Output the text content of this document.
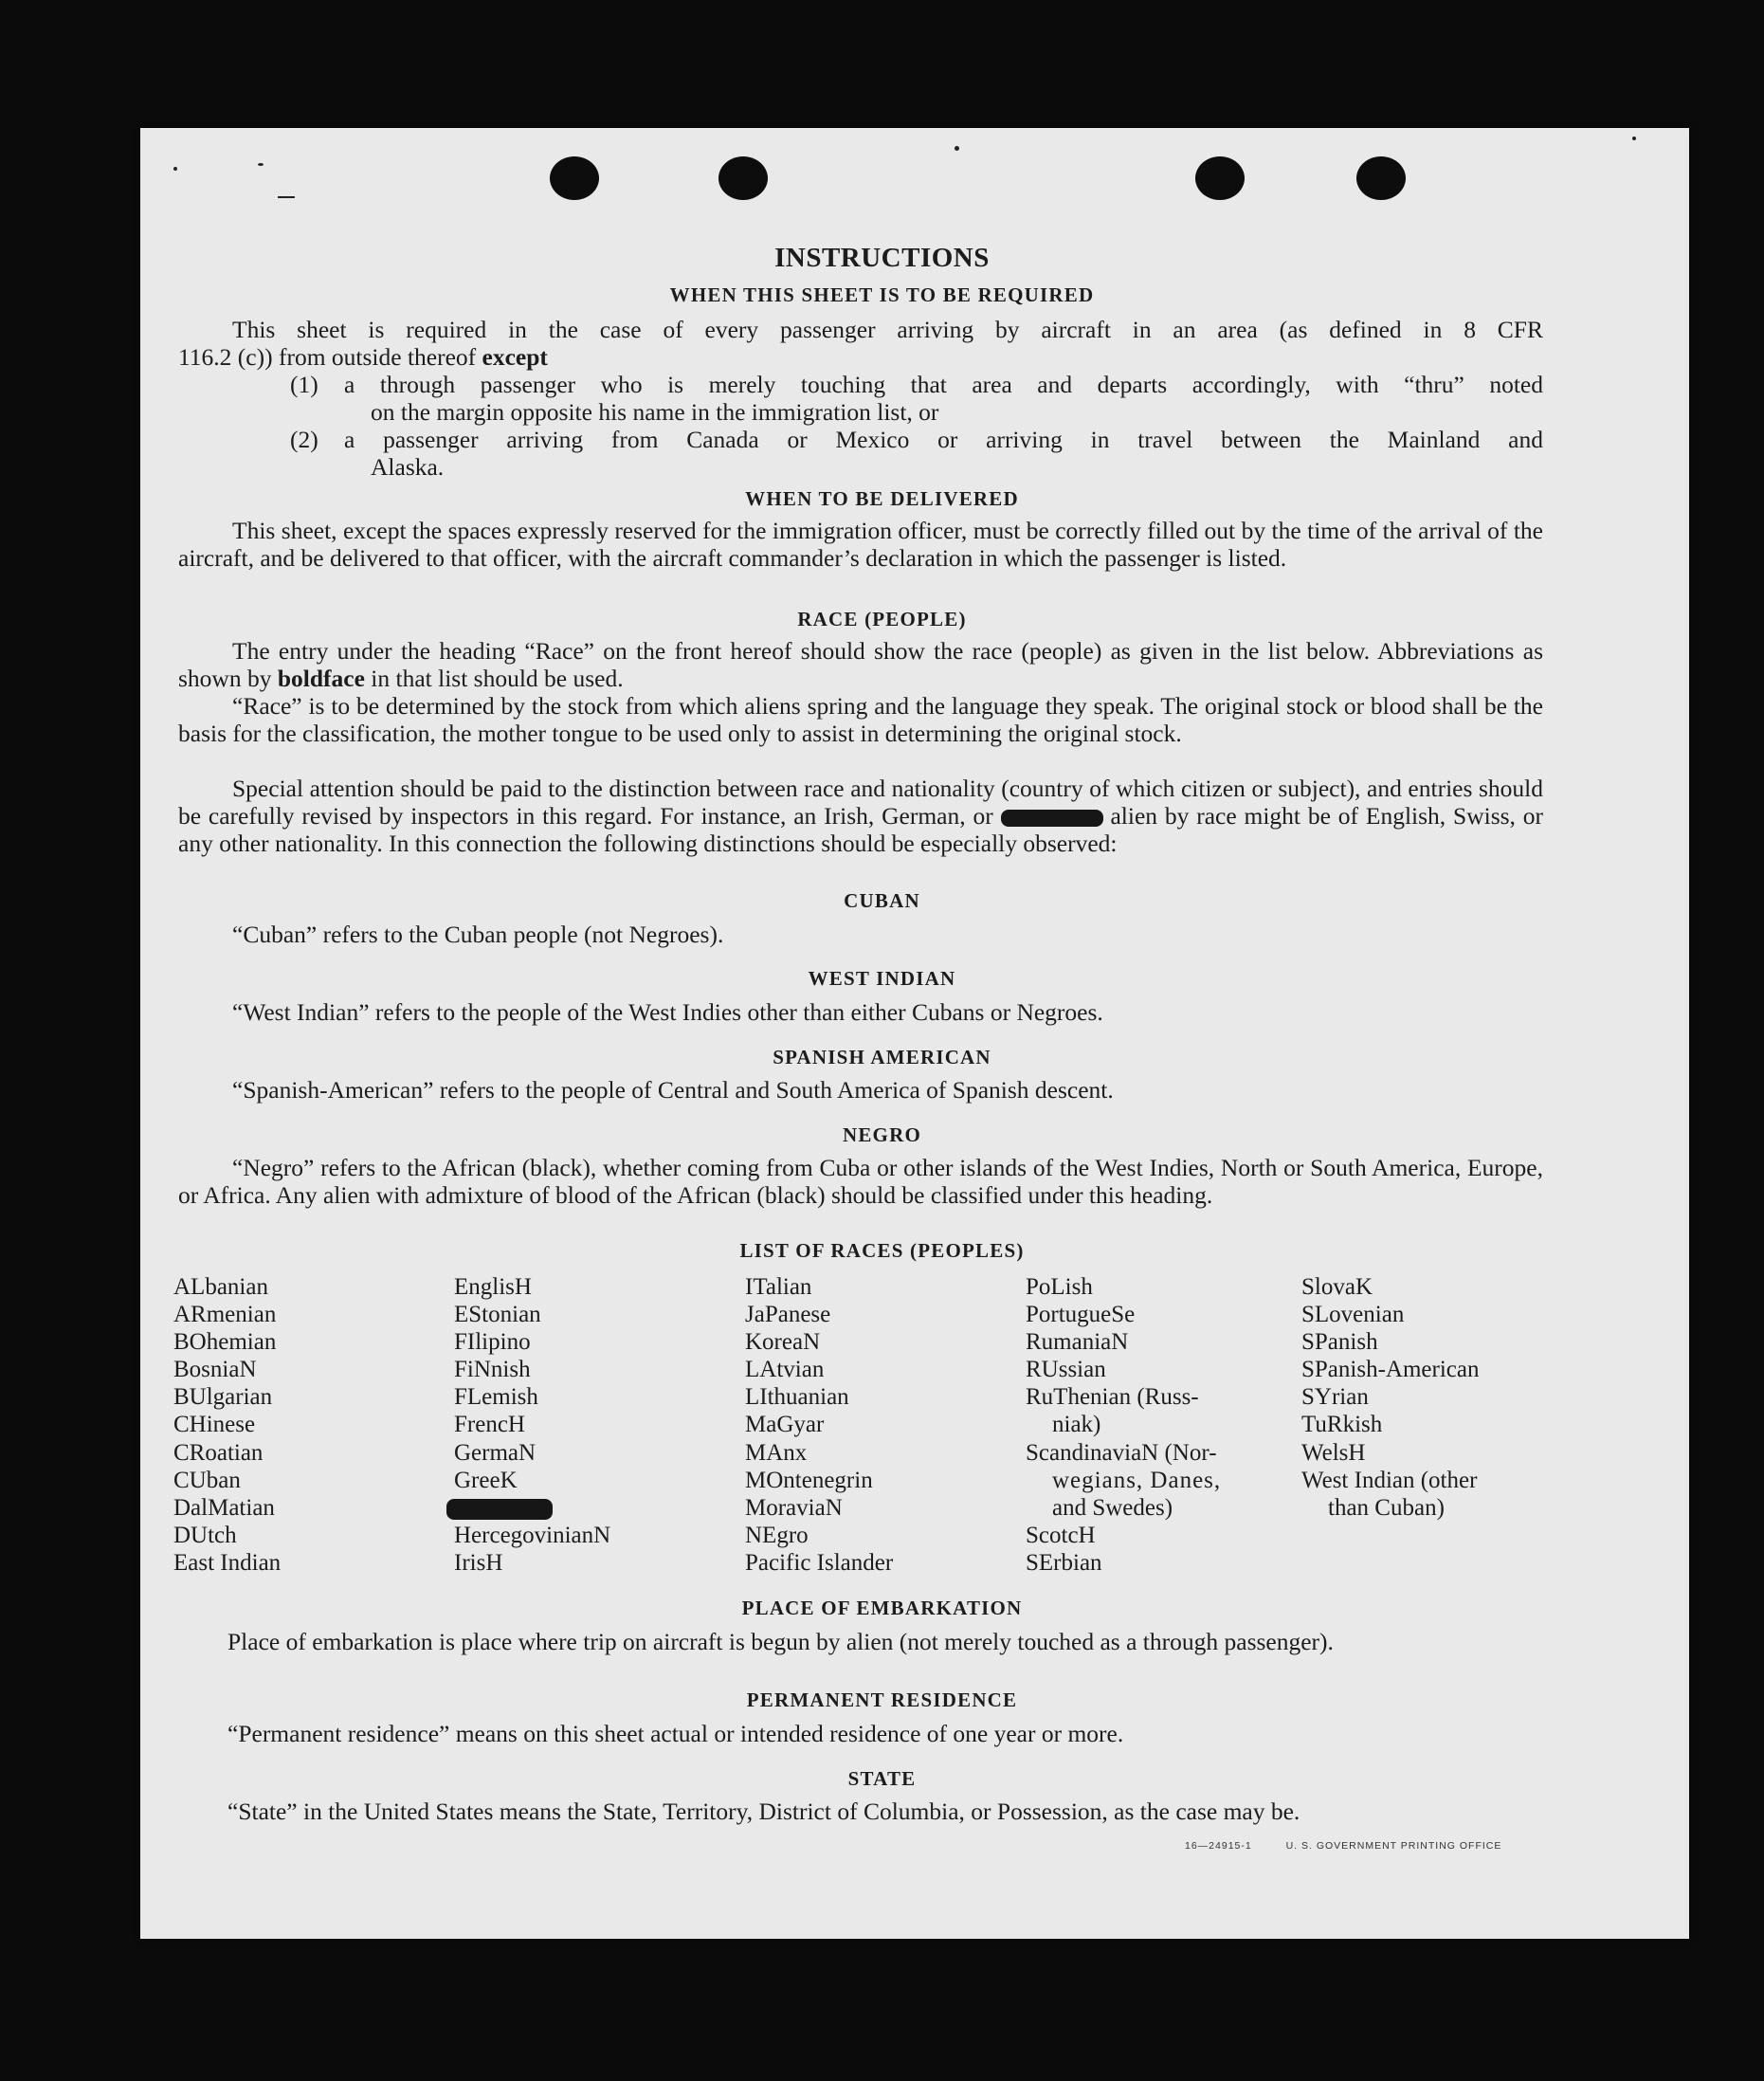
INSTRUCTIONS
WHEN THIS SHEET IS TO BE REQUIRED
This sheet is required in the case of every passenger arriving by aircraft in an area (as defined in 8 CFR
116.2 (c)) from outside thereof except
(1) a through passenger who is merely touching that area and departs accordingly, with “thru” noted
on the margin opposite his name in the immigration list, or
(2) a passenger arriving from Canada or Mexico or arriving in travel between the Mainland and
Alaska.
WHEN TO BE DELIVERED
This sheet, except the spaces expressly reserved for the immigration officer, must be correctly filled out by the time of the arrival of the aircraft, and be delivered to that officer, with the aircraft commander’s declaration in which the passenger is listed.
RACE (PEOPLE)
The entry under the heading “Race” on the front hereof should show the race (people) as given in the list below. Abbreviations as shown by boldface in that list should be used.
“Race” is to be determined by the stock from which aliens spring and the language they speak. The original stock or blood shall be the basis for the classification, the mother tongue to be used only to assist in determining the original stock.
Special attention should be paid to the distinction between race and nationality (country of which citizen or subject), and entries should be carefully revised by inspectors in this regard. For instance, an Irish, German, or	alien by race might be of English, Swiss, or any other nationality. In this connection the following distinctions should be especially observed:
CUBAN
“Cuban” refers to the Cuban people (not Negroes).
WEST INDIAN
“West Indian” refers to the people of the West Indies other than either Cubans or Negroes.
SPANISH AMERICAN
“Spanish-American” refers to the people of Central and South America of Spanish descent.
NEGRO
“Negro” refers to the African (black), whether coming from Cuba or other islands of the West Indies, North or South America, Europe, or Africa. Any alien with admixture of blood of the African (black) should be classified under this heading.
LIST OF RACES (PEOPLES)
ALbanian
ARmenian
BOhemian
BosniaN
BUlgarian
CHinese
CRoatian
CUban
DalMatian
DUtch
East Indian
EnglisH
EStonian
FIlipino
FiNnish
FLemish
FrencH
GermaN
GreeK
HercegovinianN
IrisH
ITalian
JaPanese
KoreaN
LAtvian
LIthuanian
MaGyar
MAnx
MOntenegrin
MoraviaN
NEgro
Pacific Islander
PoLish
PortugueSe
RumaniaN
RUssian
RuThenian (Russ-
niak)
ScandinaviaN (Nor-
wegians, Danes,
and Swedes)
ScotcH
SErbian
SlovaK
SLovenian
SPanish
SPanish-American
SYrian
TuRkish
WelsH
West Indian (other
than Cuban)
PLACE OF EMBARKATION
Place of embarkation is place where trip on aircraft is begun by alien (not merely touched as a through passenger).
PERMANENT RESIDENCE
“Permanent residence” means on this sheet actual or intended residence of one year or more.
STATE
“State” in the United States means the State, Territory, District of Columbia, or Possession, as the case may be.
16—24915-1	U. S. GOVERNMENT PRINTING OFFICE
